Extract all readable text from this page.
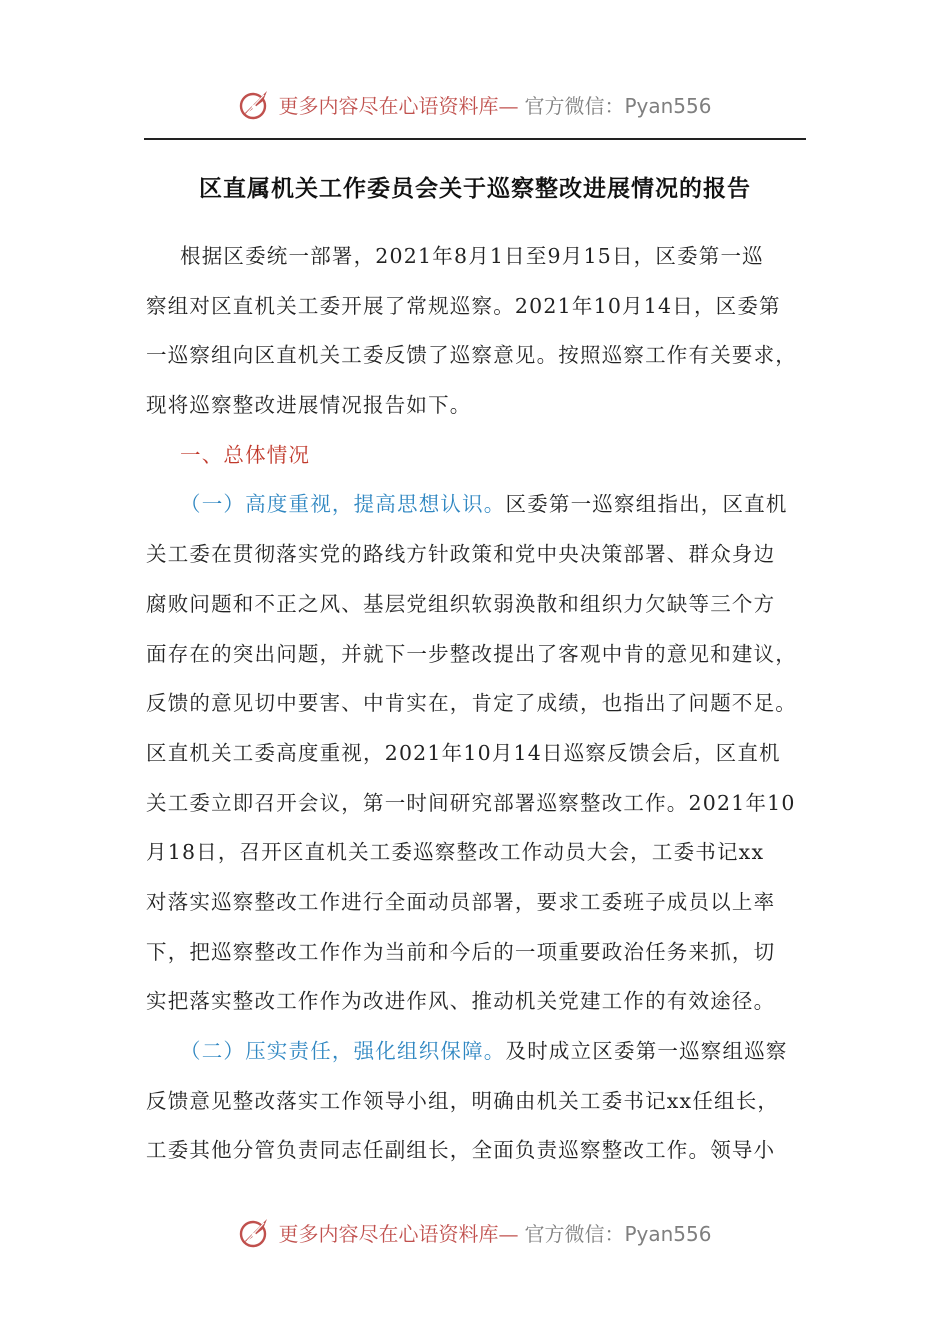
更多内容尽在心语资料库— 官方微信：Pyan556
区直属机关工作委员会关于巡察整改进展情况的报告
根据区委统一部署，2021年8月1日至9月15日，区委第一巡
察组对区直机关工委开展了常规巡察。2021年10月14日，区委第
一巡察组向区直机关工委反馈了巡察意见。按照巡察工作有关要求，
现将巡察整改进展情况报告如下。
一、总体情况
（一）高度重视，提高思想认识。区委第一巡察组指出，区直机
关工委在贯彻落实党的路线方针政策和党中央决策部署、群众身边
腐败问题和不正之风、基层党组织软弱涣散和组织力欠缺等三个方
面存在的突出问题，并就下一步整改提出了客观中肯的意见和建议，
反馈的意见切中要害、中肯实在，肯定了成绩，也指出了问题不足。
区直机关工委高度重视，2021年10月14日巡察反馈会后，区直机
关工委立即召开会议，第一时间研究部署巡察整改工作。2021年10
月18日，召开区直机关工委巡察整改工作动员大会，工委书记xx
对落实巡察整改工作进行全面动员部署，要求工委班子成员以上率
下，把巡察整改工作作为当前和今后的一项重要政治任务来抓，切
实把落实整改工作作为改进作风、推动机关党建工作的有效途径。
（二）压实责任，强化组织保障。及时成立区委第一巡察组巡察
反馈意见整改落实工作领导小组，明确由机关工委书记xx任组长，
工委其他分管负责同志任副组长，全面负责巡察整改工作。领导小
更多内容尽在心语资料库— 官方微信：Pyan556
